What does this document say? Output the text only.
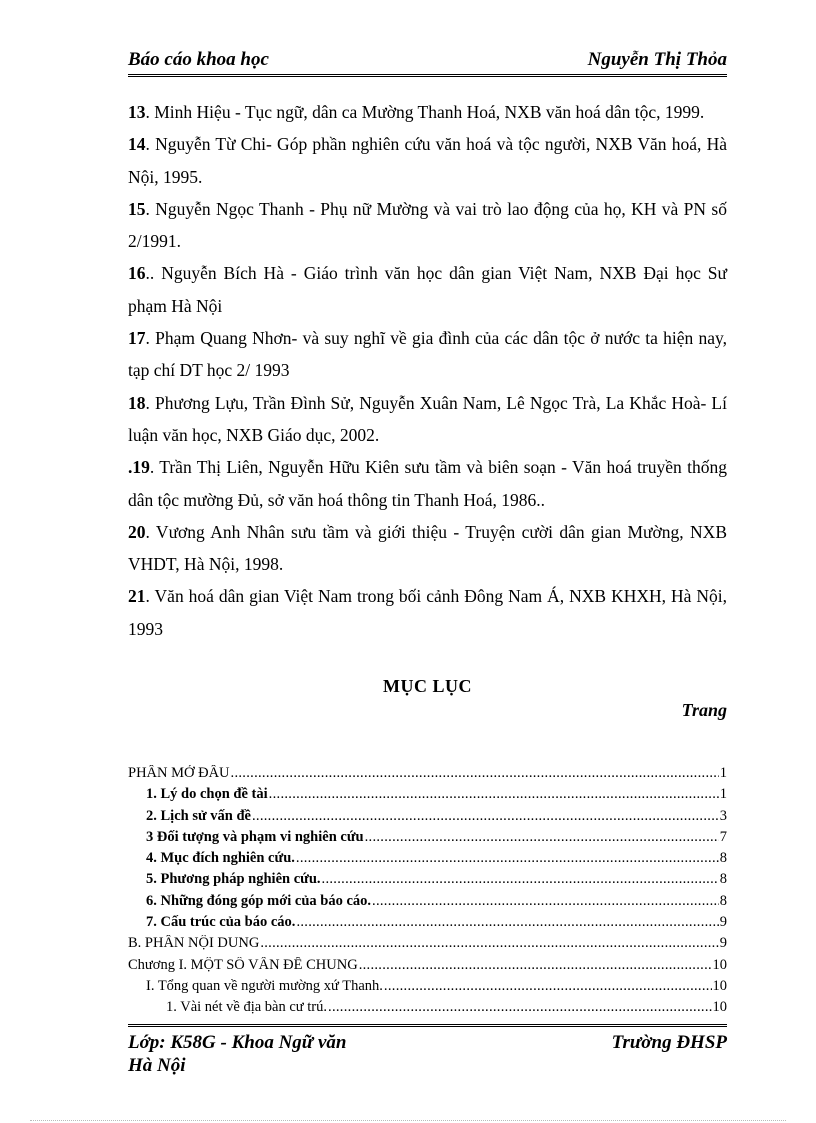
Báo cáo khoa học	Nguyễn Thị Thỏa

13. Minh Hiệu - Tục ngữ, dân ca Mường Thanh Hoá, NXB văn hoá dân tộc, 1999.

14. Nguyễn Từ Chi- Góp phần nghiên cứu văn hoá và tộc người, NXB Văn hoá, Hà Nội, 1995.

15. Nguyễn Ngọc Thanh - Phụ nữ Mường và vai trò lao động của họ, KH và PN số 2/1991.

16.. Nguyễn Bích Hà - Giáo trình văn học dân gian Việt Nam, NXB Đại học Sư phạm Hà Nội

17. Phạm Quang Nhơn- và suy nghĩ về gia đình của các dân tộc ở nước ta hiện nay, tạp chí DT học 2/ 1993

18. Phương Lựu, Trần Đình Sử, Nguyễn Xuân Nam, Lê Ngọc Trà, La Khắc Hoà- Lí luận văn học, NXB Giáo dục, 2002.

.19. Trần Thị Liên, Nguyễn Hữu Kiên sưu tầm và biên soạn - Văn hoá truyền thống dân tộc mường Đủ, sở văn hoá thông tin Thanh Hoá, 1986..

20. Vương Anh Nhân sưu tầm và giới thiệu - Truyện cười dân gian Mường, NXB VHDT, Hà Nội, 1998.

21. Văn hoá dân gian Việt Nam trong bối cảnh Đông Nam Á, NXB KHXH, Hà Nội, 1993

MỤC LỤC
Trang
PHẦN MỞ ĐẦU .....	1
1. Lý do chọn đề tài .....	1
2. Lịch sử vấn đề .....	3
3 Đối tượng và phạm vi nghiên cứu .....	7
4. Mục đích nghiên cứu. .....	8
5. Phương pháp nghiên cứu. .....	8
6. Những đóng góp mới của báo cáo. .....	8
7. Cấu trúc của báo cáo. .....	9
B. PHẦN NỘI DUNG .....	9
Chương I. MỘT SỐ VẤN ĐỀ CHUNG .....	10
I. Tổng quan về người mường xứ Thanh. .....	10
1. Vài nét về địa bàn cư trú. .....	10
Lớp: K58G - Khoa Ngữ văn	Trường ĐHSP
Hà Nội
